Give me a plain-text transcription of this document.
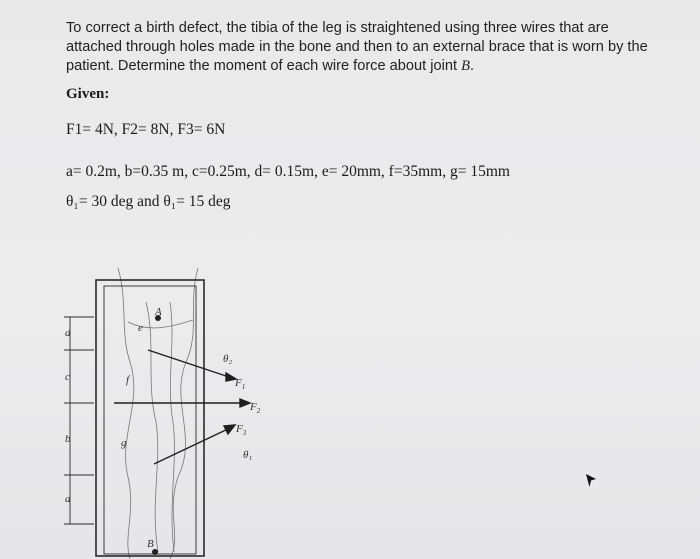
To correct a birth defect, the tibia of the leg is straightened using three wires that are attached through holes made in the bone and then to an external brace that is worn by the patient. Determine the moment of each wire force about joint B.
Given:
F1= 4N, F2= 8N, F3= 6N
a= 0.2m, b=0.35 m, c=0.25m, d= 0.15m, e= 20mm, f=35mm, g= 15mm
θ₁= 30 deg and θ₁= 15 deg
A
B
d
c
b
a
e
f
g
θ₂
θ₁
$F_1$
$F_2$
$F_3$
